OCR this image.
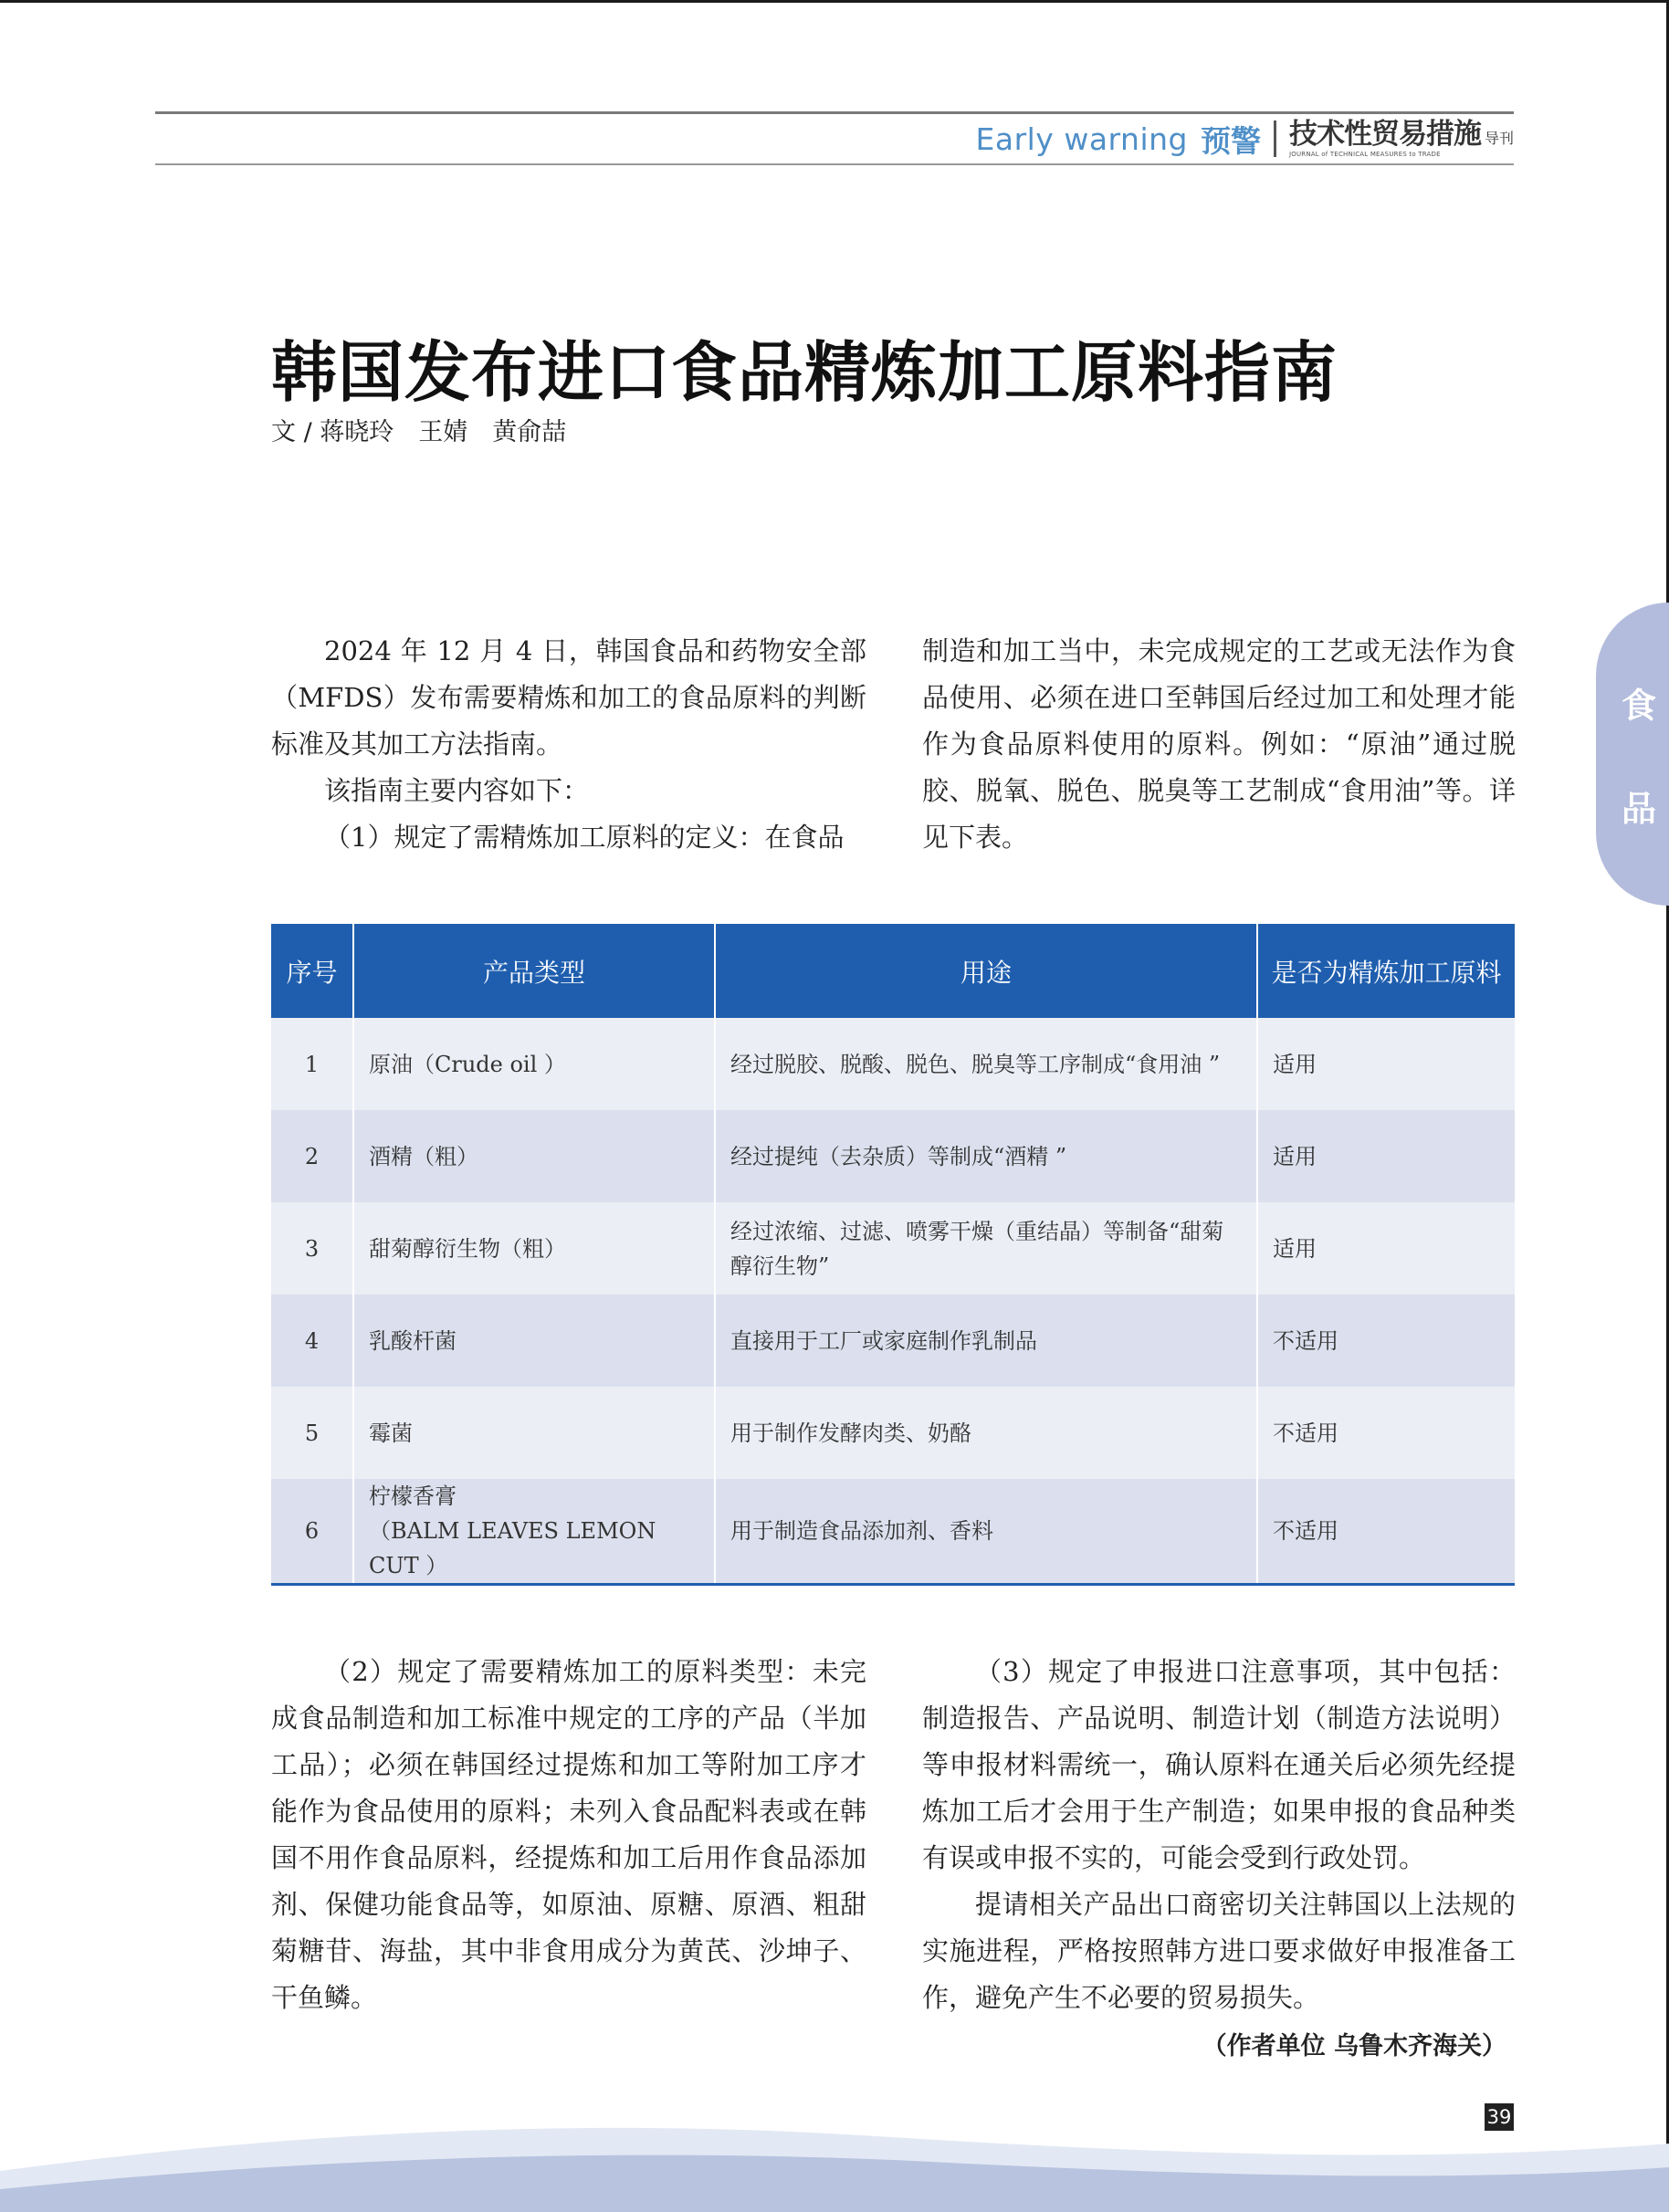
Early warning 预警 技术性贸易措施 导刊
JOURNAL of TECHNICAL MEASURES to TRADE
韩国发布进口食品精炼加工原料指南
文 / 蒋晓玲　王婧　黄俞喆
食
品

2024 年 12 月 4 日，韩国食品和药物安全部（MFDS）发布需要精炼和加工的食品原料的判断标准及其加工方法指南。

该指南主要内容如下：

（1）规定了需精炼加工原料的定义：在食品

制造和加工当中，未完成规定的工艺或无法作为食品使用、必须在进口至韩国后经过加工和处理才能作为食品原料使用的原料。例如：“原油”通过脱胶、脱氧、脱色、脱臭等工艺制成“食用油”等。详见下表。

序号	产品类型	用途	是否为精炼加工原料
1	原油（Crude oil ）	经过脱胶、脱酸、脱色、脱臭等工序制成“食用油 ”	适用
2	酒精（粗）	经过提纯（去杂质）等制成“酒精 ”	适用
3	甜菊醇衍生物（粗）	经过浓缩、过滤、喷雾干燥（重结晶）等制备“甜菊醇衍生物”	适用
4	乳酸杆菌	直接用于工厂或家庭制作乳制品	不适用
5	霉菌	用于制作发酵肉类、奶酪	不适用
6	柠檬香膏
（BALM LEAVES LEMON CUT ）	用于制造食品添加剂、香料	不适用

（2）规定了需要精炼加工的原料类型：未完成食品制造和加工标准中规定的工序的产品（半加工品）；必须在韩国经过提炼和加工等附加工序才能作为食品使用的原料；未列入食品配料表或在韩国不用作食品原料，经提炼和加工后用作食品添加剂、保健功能食品等，如原油、原糖、原酒、粗甜菊糖苷、海盐，其中非食用成分为黄芪、沙坤子、干鱼鳞。

（3）规定了申报进口注意事项，其中包括：制造报告、产品说明、制造计划（制造方法说明）等申报材料需统一，确认原料在通关后必须先经提炼加工后才会用于生产制造；如果申报的食品种类有误或申报不实的，可能会受到行政处罚。

提请相关产品出口商密切关注韩国以上法规的实施进程，严格按照韩方进口要求做好申报准备工作，避免产生不必要的贸易损失。

（作者单位 乌鲁木齐海关）
39
